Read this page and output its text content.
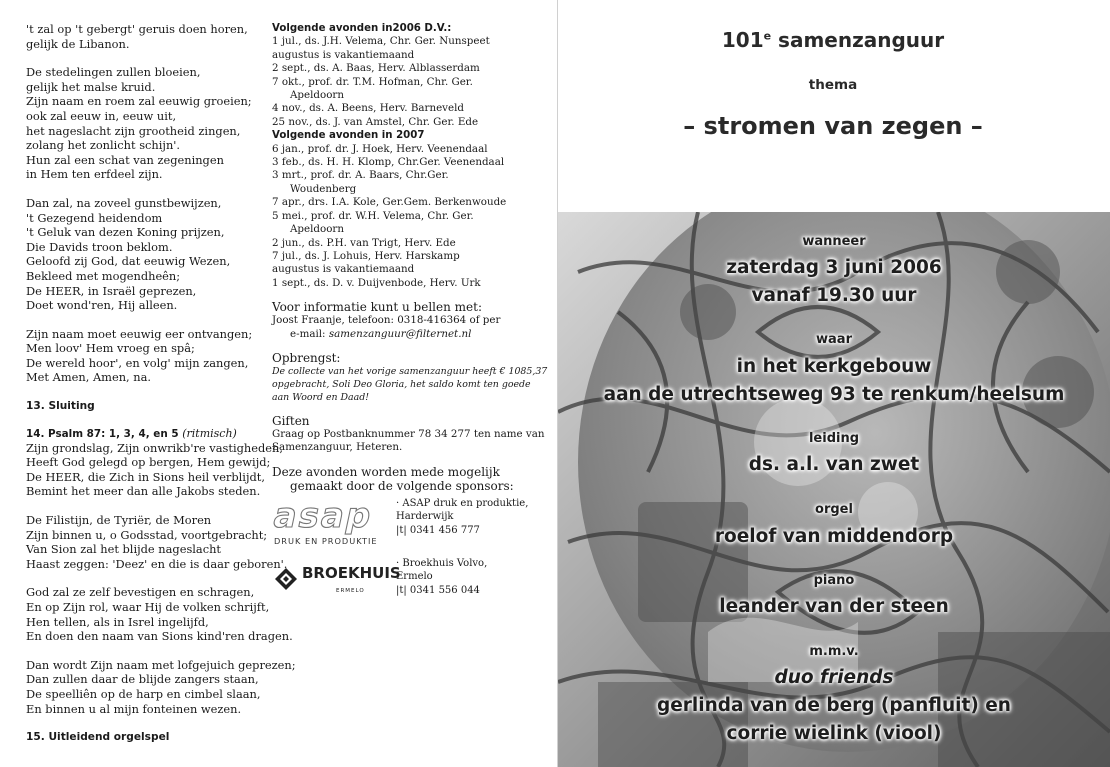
't zal op 't gebergt' geruis doen horen,
gelijk de Libanon.
De stedelingen zullen bloeien,
gelijk het malse kruid.
Zijn naam en roem zal eeuwig groeien;
ook zal eeuw in, eeuw uit,
het nageslacht zijn grootheid zingen,
zolang het zonlicht schijn'.
Hun zal een schat van zegeningen
in Hem ten erfdeel zijn.
Dan zal, na zoveel gunstbewijzen,
't Gezegend heidendom
't Geluk van dezen Koning prijzen,
Die Davids troon beklom.
Geloofd zij God, dat eeuwig Wezen,
Bekleed met mogendheên;
De HEER, in Israël geprezen,
Doet wond'ren, Hij alleen.
Zijn naam moet eeuwig eer ontvangen;
Men loov' Hem vroeg en spâ;
De wereld hoor', en volg' mijn zangen,
Met Amen, Amen, na.
13. Sluiting
14. Psalm 87: 1, 3, 4, en 5 (ritmisch)
Zijn grondslag, Zijn onwrikb're vastigheden,
Heeft God gelegd op bergen, Hem gewijd;
De HEER, die Zich in Sions heil verblijdt,
Bemint het meer dan alle Jakobs steden.
De Filistijn, de Tyriër, de Moren
Zijn binnen u, o Godsstad, voortgebracht;
Van Sion zal het blijde nageslacht
Haast zeggen: 'Deez' en die is daar geboren'.
God zal ze zelf bevestigen en schragen,
En op Zijn rol, waar Hij de volken schrijft,
Hen tellen, als in Isrel ingelijfd,
En doen den naam van Sions kind'ren dragen.
Dan wordt Zijn naam met lofgejuich geprezen;
Dan zullen daar de blijde zangers staan,
De speelliên op de harp en cimbel slaan,
En binnen u al mijn fonteinen wezen.
15. Uitleidend orgelspel
Volgende avonden in2006 D.V.:
1 jul., ds. J.H. Velema, Chr. Ger. Nunspeet
augustus is vakantiemaand
2 sept., ds. A. Baas, Herv. Alblasserdam
7 okt., prof. dr. T.M. Hofman, Chr. Ger.
Apeldoorn
4 nov., ds. A. Beens, Herv. Barneveld
25 nov., ds. J. van Amstel, Chr. Ger. Ede
Volgende avonden in 2007
6 jan., prof. dr. J. Hoek, Herv. Veenendaal
3 feb., ds. H. H. Klomp, Chr.Ger. Veenendaal
3 mrt., prof. dr. A. Baars, Chr.Ger.
Woudenberg
7 apr., drs. I.A. Kole, Ger.Gem. Berkenwoude
5 mei., prof. dr. W.H. Velema, Chr. Ger.
Apeldoorn
2 jun., ds. P.H. van Trigt, Herv. Ede
7 jul., ds. J. Lohuis, Herv. Harskamp
augustus is vakantiemaand
1 sept., ds. D. v. Duijvenbode, Herv. Urk
Voor informatie kunt u bellen met:
Joost Fraanje, telefoon: 0318-416364 of per
e-mail: samenzanguur@filternet.nl
Opbrengst:
De collecte van het vorige samenzanguur heeft € 1085,37 opgebracht, Soli Deo Gloria, het saldo komt ten goede aan Woord en Daad!
Giften
Graag op Postbanknummer 78 34 277 ten name van
Samenzanguur, Heteren.
Deze avonden worden mede mogelijk
gemaakt door de volgende sponsors:
asap
DRUK EN PRODUKTIE
· ASAP druk en produktie,
Harderwijk
|t| 0341 456 777
BROEKHUIS
ERMELO
· Broekhuis Volvo,
Ermelo
|t| 0341 556 044
101e samenzanguur
thema
– stromen van zegen –
wanneer
zaterdag 3 juni 2006
vanaf 19.30 uur
waar
in het kerkgebouw
aan de utrechtseweg 93 te renkum/heelsum
leiding
ds. a.l. van zwet
orgel
roelof van middendorp
piano
leander van der steen
m.m.v.
duo friends
gerlinda van de berg (panfluit) en
corrie wielink (viool)
